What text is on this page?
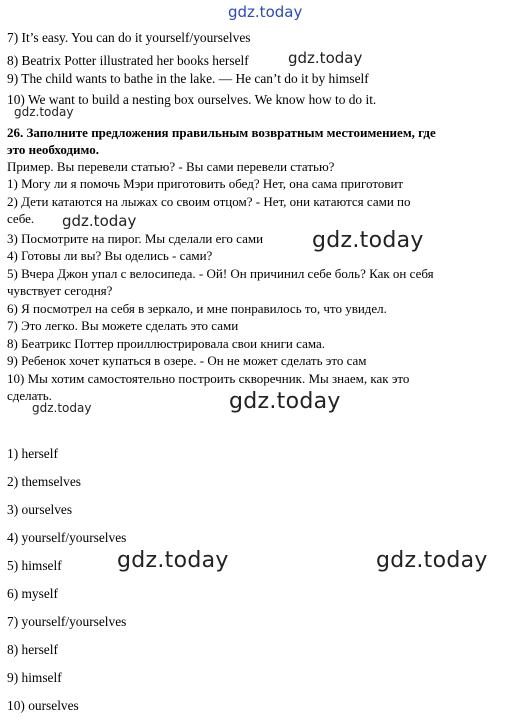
gdz.today
7) It’s easy. You can do it yourself/yourselves
8) Beatrix Potter illustrated her books herself	gdz.today
9) The child wants to bathe in the lake. — He can’t do it by himself
10) We want to build a nesting box ourselves. We know how to do it.
gdz.today
26. Заполните предложения правильным возвратным местоимением, где
это необходимо.
Пример. Вы перевели статью? - Вы сами перевели статью?
1) Могу ли я помочь Мэри приготовить обед? Нет, она сама приготовит
2) Дети катаются на лыжах со своим отцом? - Нет, они катаются сами по
себе. gdz.today
3) Посмотрите на пирог. Мы сделали его сами gdz.today
4) Готовы ли вы? Вы оделись - сами?
5) Вчера Джон упал с велосипеда. - Ой! Он причинил себе боль? Как он себя
чувствует сегодня?
6) Я посмотрел на себя в зеркало, и мне понравилось то, что увидел.
7) Это легко. Вы можете сделать это сами
8) Беатрикс Поттер проиллюстрировала свои книги сама.
9) Ребенок хочет купаться в озере. - Он не может сделать это сам
10) Мы хотим самостоятельно построить скворечник. Мы знаем, как это
сделать.	gdz.today
gdz.today
1) herself
2) themselves
3) ourselves
4) yourself/yourselves
5) himself	gdz.today	gdz.today
6) myself
7) yourself/yourselves
8) herself
9) himself
10) ourselves
